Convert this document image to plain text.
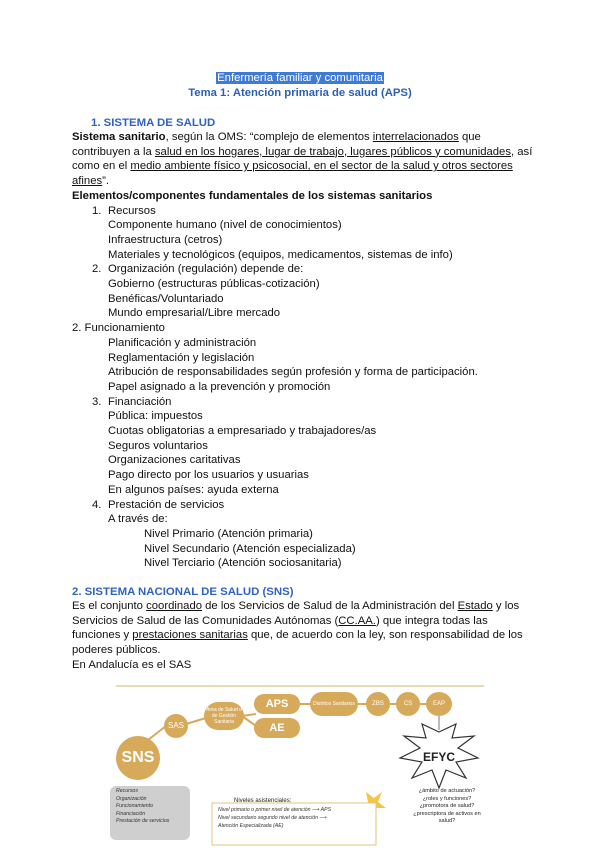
Enfermería familiar y comunitaria
Tema 1: Atención primaria de salud (APS)
1. SISTEMA DE SALUD
Sistema sanitario, según la OMS: “complejo de elementos interrelacionados que
contribuyen a la salud en los hogares, lugar de trabajo, lugares públicos y comunidades, así
como en el medio ambiente físico y psicosocial, en el sector de la salud y otros sectores
afines”.
Elementos/componentes fundamentales de los sistemas sanitarios
1. Recursos
Componente humano (nivel de conocimientos)
Infraestructura (cetros)
Materiales y tecnológicos (equipos, medicamentos, sistemas de info)
2. Organización (regulación) depende de:
Gobierno (estructuras públicas-cotización)
Benéficas/Voluntariado
Mundo empresarial/Libre mercado
2. Funcionamiento
Planificación y administración
Reglamentación y legislación
Atribución de responsabilidades según profesión y forma de participación.
Papel asignado a la prevención y promoción
3. Financiación
Pública: impuestos
Cuotas obligatorias a empresariado y trabajadores/as
Seguros voluntarios
Organizaciones caritativas
Pago directo por los usuarios y usuarias
En algunos países: ayuda externa
4. Prestación de servicios
A través de:
Nivel Primario (Atención primaria)
Nivel Secundario (Atención especializada)
Nivel Terciario (Atención sociosanitaria)
2. SISTEMA NACIONAL DE SALUD (SNS)
Es el conjunto coordinado de los Servicios de Salud de la Administración del Estado y los
Servicios de Salud de las Comunidades Autónomas (CC.AA.) que integra todas las
funciones y prestaciones sanitarias que, de acuerdo con la ley, son responsabilidad de los
poderes públicos.
En Andalucía es el SAS
SNS
SAS
Área de Salud o de Gestión Sanitaria
APS
AE
Distritos Sanitarios	ZBS	CS	EAP
EFYC
Recursos
Organización
Funcionamiento
Financiación
Prestación de servicios
Niveles asistenciales:
Nivel primario o primer nivel de atención ⟶ APS
Nivel secundario segundo nivel de atención ⟶
Atención Especializada (AE)
¿ámbito de actuación?
¿roles y funciones?
¿promotora de salud?
¿prescriptora de activos en
salud?
